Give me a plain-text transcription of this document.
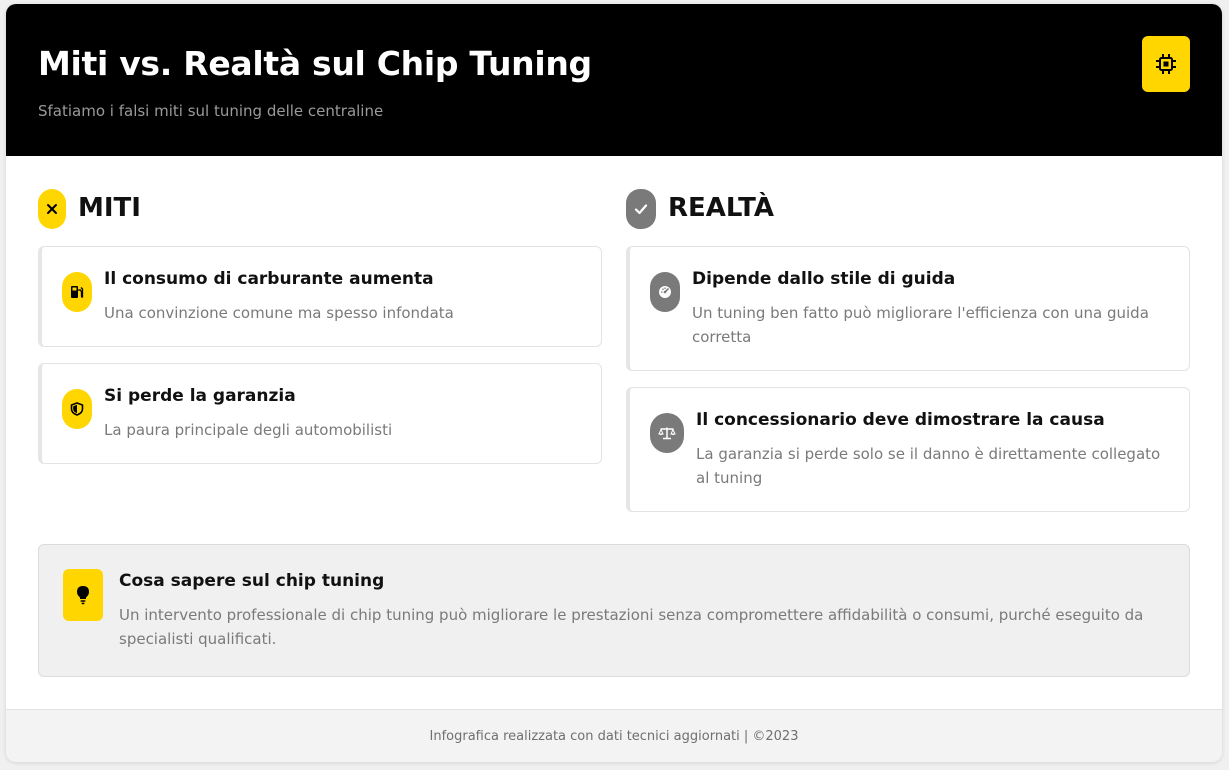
Miti vs. Realtà sul Chip Tuning
Sfatiamo i falsi miti sul tuning delle centraline
MITI
Il consumo di carburante aumenta
Una convinzione comune ma spesso infondata
Si perde la garanzia
La paura principale degli automobilisti
REALTÀ
Dipende dallo stile di guida
Un tuning ben fatto può migliorare l'efficienza con una guida corretta
Il concessionario deve dimostrare la causa
La garanzia si perde solo se il danno è direttamente collegato al tuning
Cosa sapere sul chip tuning
Un intervento professionale di chip tuning può migliorare le prestazioni senza compromettere affidabilità o consumi, purché eseguito da specialisti qualificati.
Infografica realizzata con dati tecnici aggiornati | ©2023
